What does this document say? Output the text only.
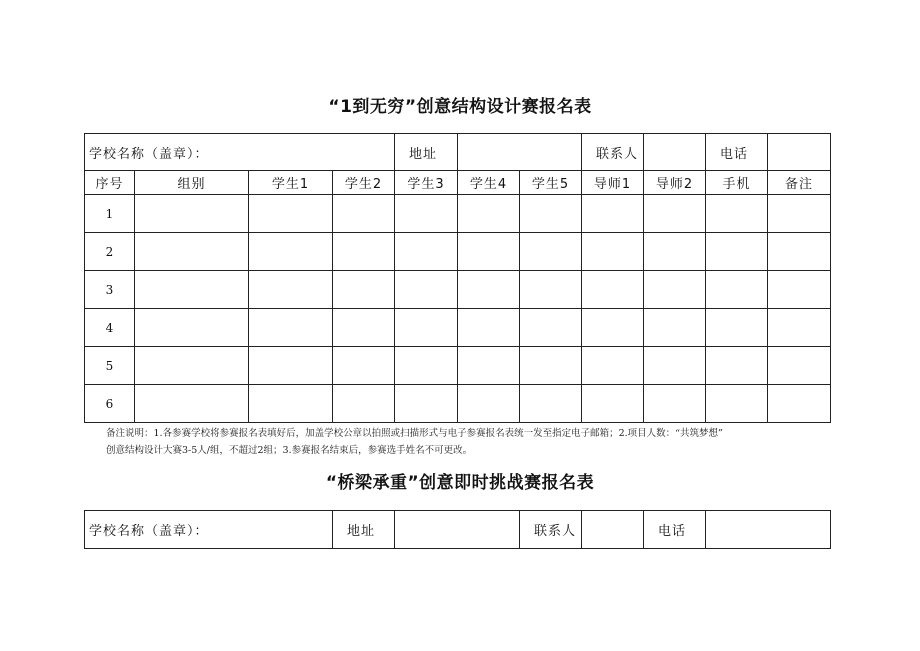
“1到无穷”创意结构设计赛报名表
学校名称（盖章）：				地址			联系人		电话	
序号	组别	学生1	学生2	学生3	学生4	学生5	导师1	导师2	手机	备注
1										
2										
3										
4										
5										
6										
备注说明：1.各参赛学校将参赛报名表填好后，加盖学校公章以拍照或扫描形式与电子参赛报名表统一发至指定电子邮箱；2.项目人数：“共筑梦想”
创意结构设计大赛3-5人/组，不超过2组；3.参赛报名结束后，参赛选手姓名不可更改。
“桥梁承重”创意即时挑战赛报名表
学校名称（盖章）：	地址		联系人		电话	
